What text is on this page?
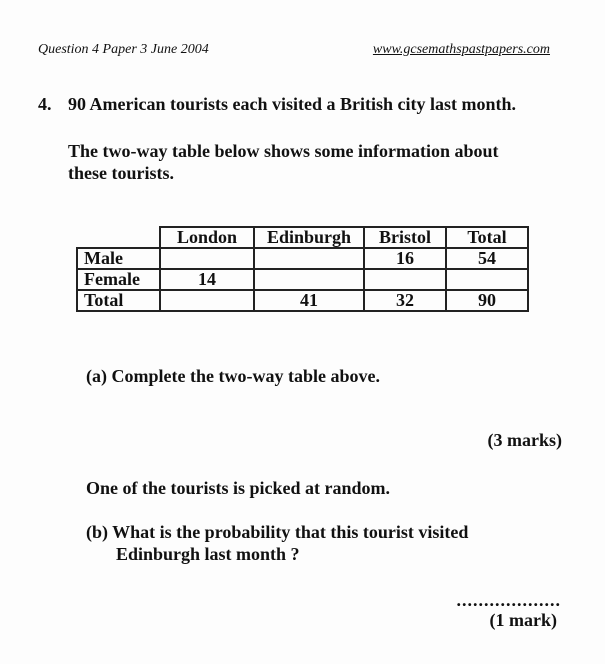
Question 4 Paper 3 June 2004	www.gcsemathspastpapers.com
4. 90 American tourists each visited a British city last month.
The two-way table below shows some information about
these tourists.
	London	Edinburgh	Bristol	Total
Male			16	54
Female	14			
Total		41	32	90
(a) Complete the two-way table above.
(3 marks)
One of the tourists is picked at random.
(b) What is the probability that this tourist visited
Edinburgh last month ?
...................
(1 mark)
